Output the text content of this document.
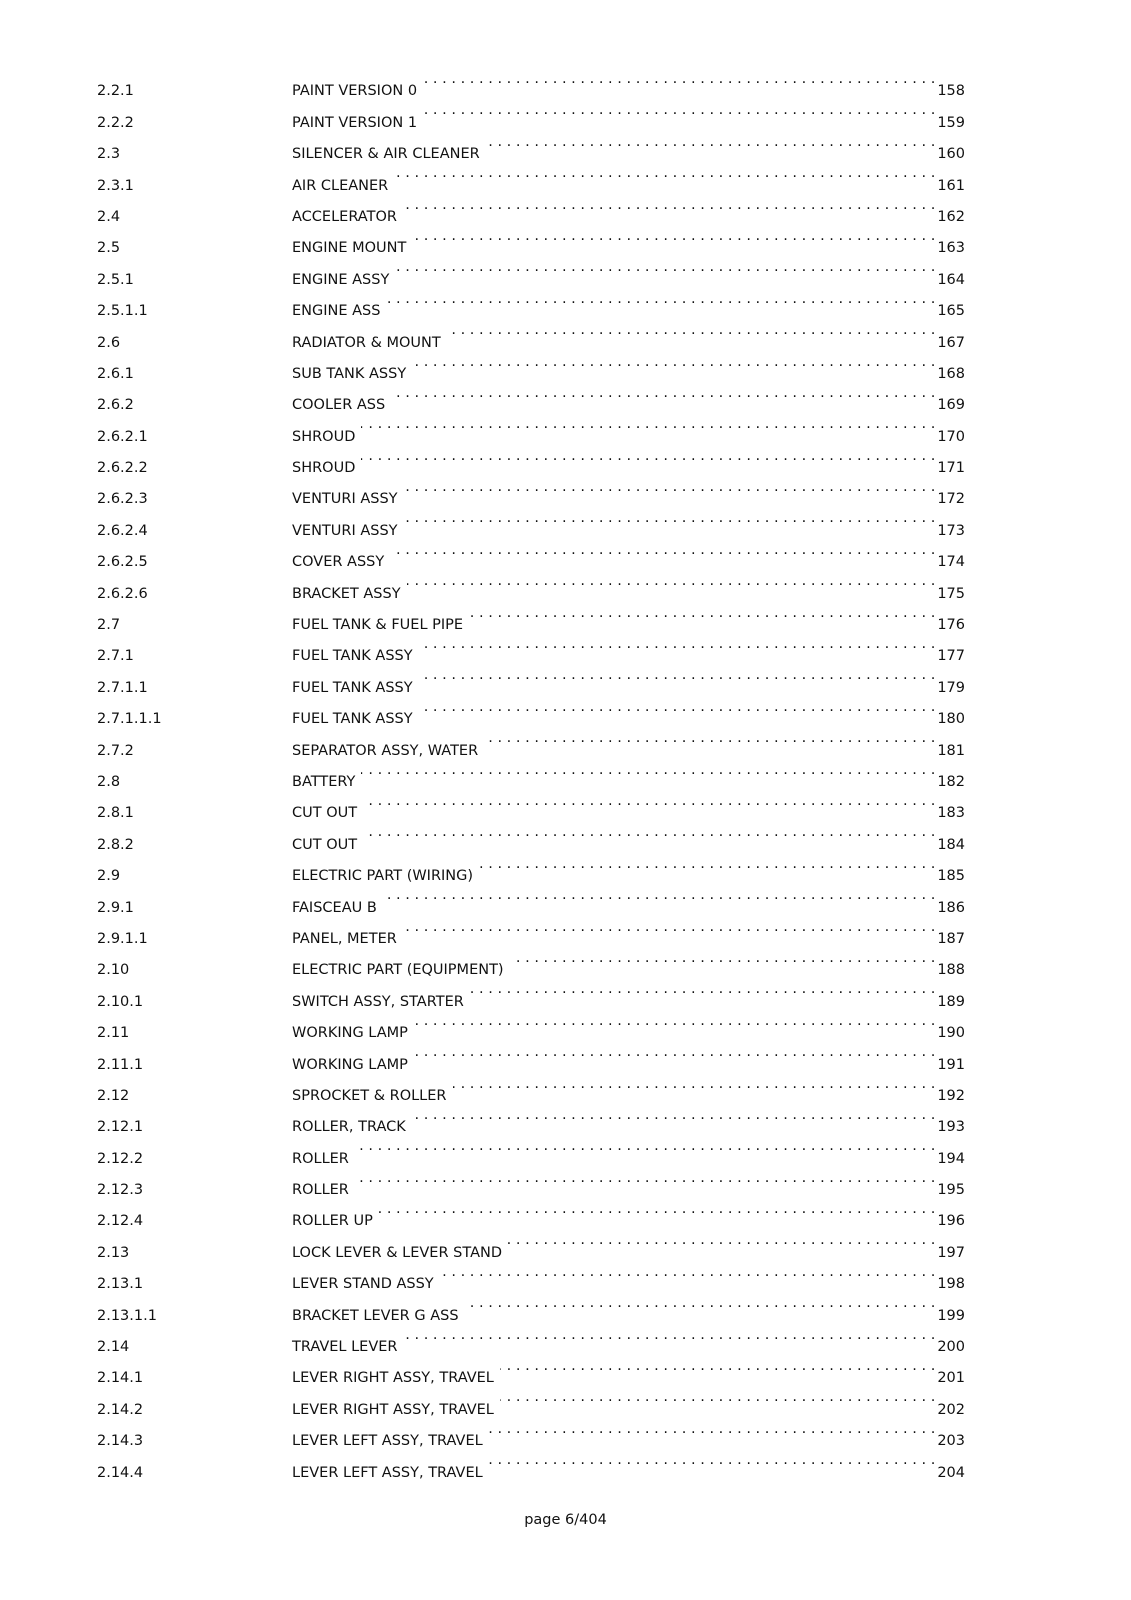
2.2.1	PAINT VERSION 0 . . .	158
2.2.2	PAINT VERSION 1 . . .	159
2.3	SILENCER & AIR CLEANER . . .	160
2.3.1	AIR CLEANER . . .	161
2.4	ACCELERATOR . . .	162
2.5	ENGINE MOUNT . . .	163
2.5.1	ENGINE ASSY . . .	164
2.5.1.1	ENGINE ASS . . .	165
2.6	RADIATOR & MOUNT . . .	167
2.6.1	SUB TANK ASSY . . .	168
2.6.2	COOLER ASS . . .	169
2.6.2.1	SHROUD . . .	170
2.6.2.2	SHROUD . . .	171
2.6.2.3	VENTURI ASSY . . .	172
2.6.2.4	VENTURI ASSY . . .	173
2.6.2.5	COVER ASSY . . .	174
2.6.2.6	BRACKET ASSY . . .	175
2.7	FUEL TANK & FUEL PIPE . . .	176
2.7.1	FUEL TANK ASSY . . .	177
2.7.1.1	FUEL TANK ASSY . . .	179
2.7.1.1.1	FUEL TANK ASSY . . .	180
2.7.2	SEPARATOR ASSY, WATER . . .	181
2.8	BATTERY . . .	182
2.8.1	CUT OUT . . .	183
2.8.2	CUT OUT . . .	184
2.9	ELECTRIC PART (WIRING) . . .	185
2.9.1	FAISCEAU B . . .	186
2.9.1.1	PANEL, METER . . .	187
2.10	ELECTRIC PART (EQUIPMENT) . . .	188
2.10.1	SWITCH ASSY, STARTER . . .	189
2.11	WORKING LAMP . . .	190
2.11.1	WORKING LAMP . . .	191
2.12	SPROCKET & ROLLER . . .	192
2.12.1	ROLLER, TRACK . . .	193
2.12.2	ROLLER . . .	194
2.12.3	ROLLER . . .	195
2.12.4	ROLLER UP . . .	196
2.13	LOCK LEVER & LEVER STAND . . .	197
2.13.1	LEVER STAND ASSY . . .	198
2.13.1.1	BRACKET LEVER G ASS . . .	199
2.14	TRAVEL LEVER . . .	200
2.14.1	LEVER RIGHT ASSY, TRAVEL . . .	201
2.14.2	LEVER RIGHT ASSY, TRAVEL . . .	202
2.14.3	LEVER LEFT ASSY, TRAVEL . . .	203
2.14.4	LEVER LEFT ASSY, TRAVEL . . .	204
page 6/404
